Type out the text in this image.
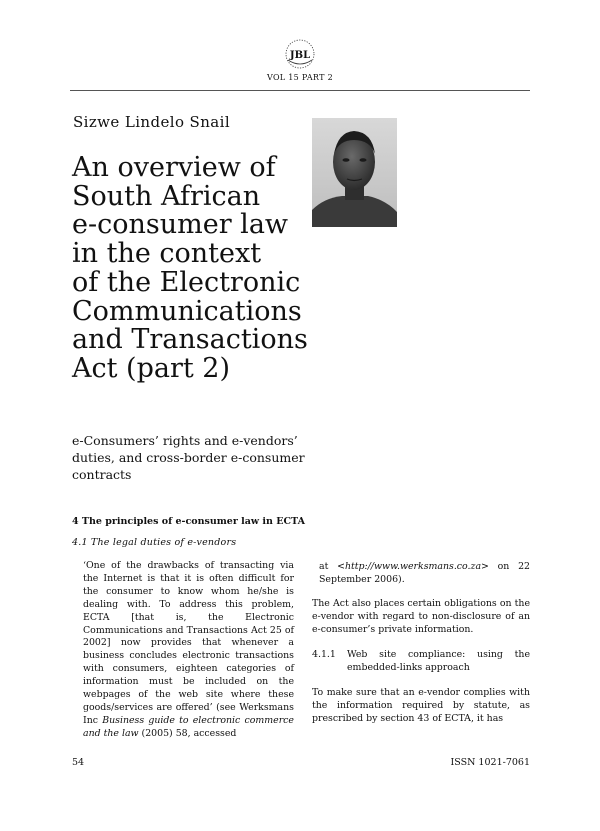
JBL
VOL 15 PART 2
Sizwe Lindelo Snail
An overview of
South African
e-consumer law
in the context
of the Electronic
Communications
and Transactions
Act (part 2)
e-Consumers’ rights and e-vendors’
duties, and cross-border e-consumer
contracts
4 The principles of e-consumer law in ECTA
4.1 The legal duties of e-vendors
‘One of the drawbacks of transacting via the Internet is that it is often difficult for the consumer to know whom he/she is dealing with. To address this problem, ECTA [that is, the Electronic Communications and Transactions Act 25 of 2002] now provides that whenever a business concludes electronic transactions with consumers, eighteen categories of information must be included on the webpages of the web site where these goods/services are offered’ (see Werksmans Inc Business guide to electronic commerce and the law (2005) 58, accessed
at <http://www.werksmans.co.za> on 22 September 2006).
The Act also places certain obligations on the e-vendor with regard to non-disclosure of an e-consumer’s private information.
4.1.1 Web site compliance: using the embedded-links approach
To make sure that an e-vendor complies with the information required by statute, as prescribed by section 43 of ECTA, it has
54	ISSN 1021-7061
